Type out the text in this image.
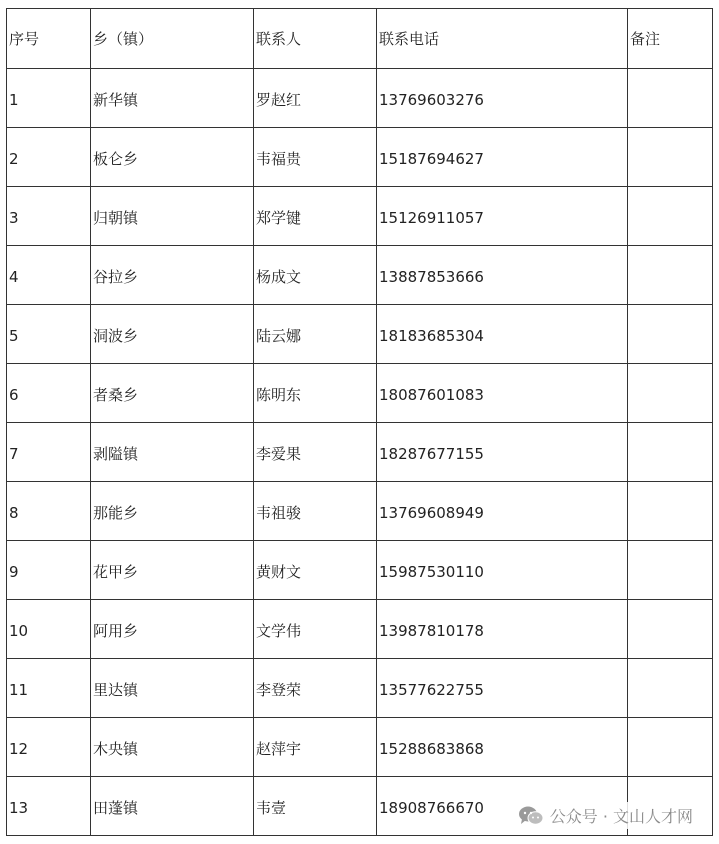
序号	乡（镇）	联系人	联系电话	备注
1	新华镇	罗赵红	13769603276	
2	板仑乡	韦福贵	15187694627	
3	归朝镇	郑学键	15126911057	
4	谷拉乡	杨成文	13887853666	
5	洞波乡	陆云娜	18183685304	
6	者桑乡	陈明东	18087601083	
7	剥隘镇	李爱果	18287677155	
8	那能乡	韦祖骏	13769608949	
9	花甲乡	黄财文	15987530110	
10	阿用乡	文学伟	13987810178	
11	里达镇	李登荣	13577622755	
12	木央镇	赵萍宇	15288683868	
13	田蓬镇	韦壹	18908766670		公众号 · 文山人才网
